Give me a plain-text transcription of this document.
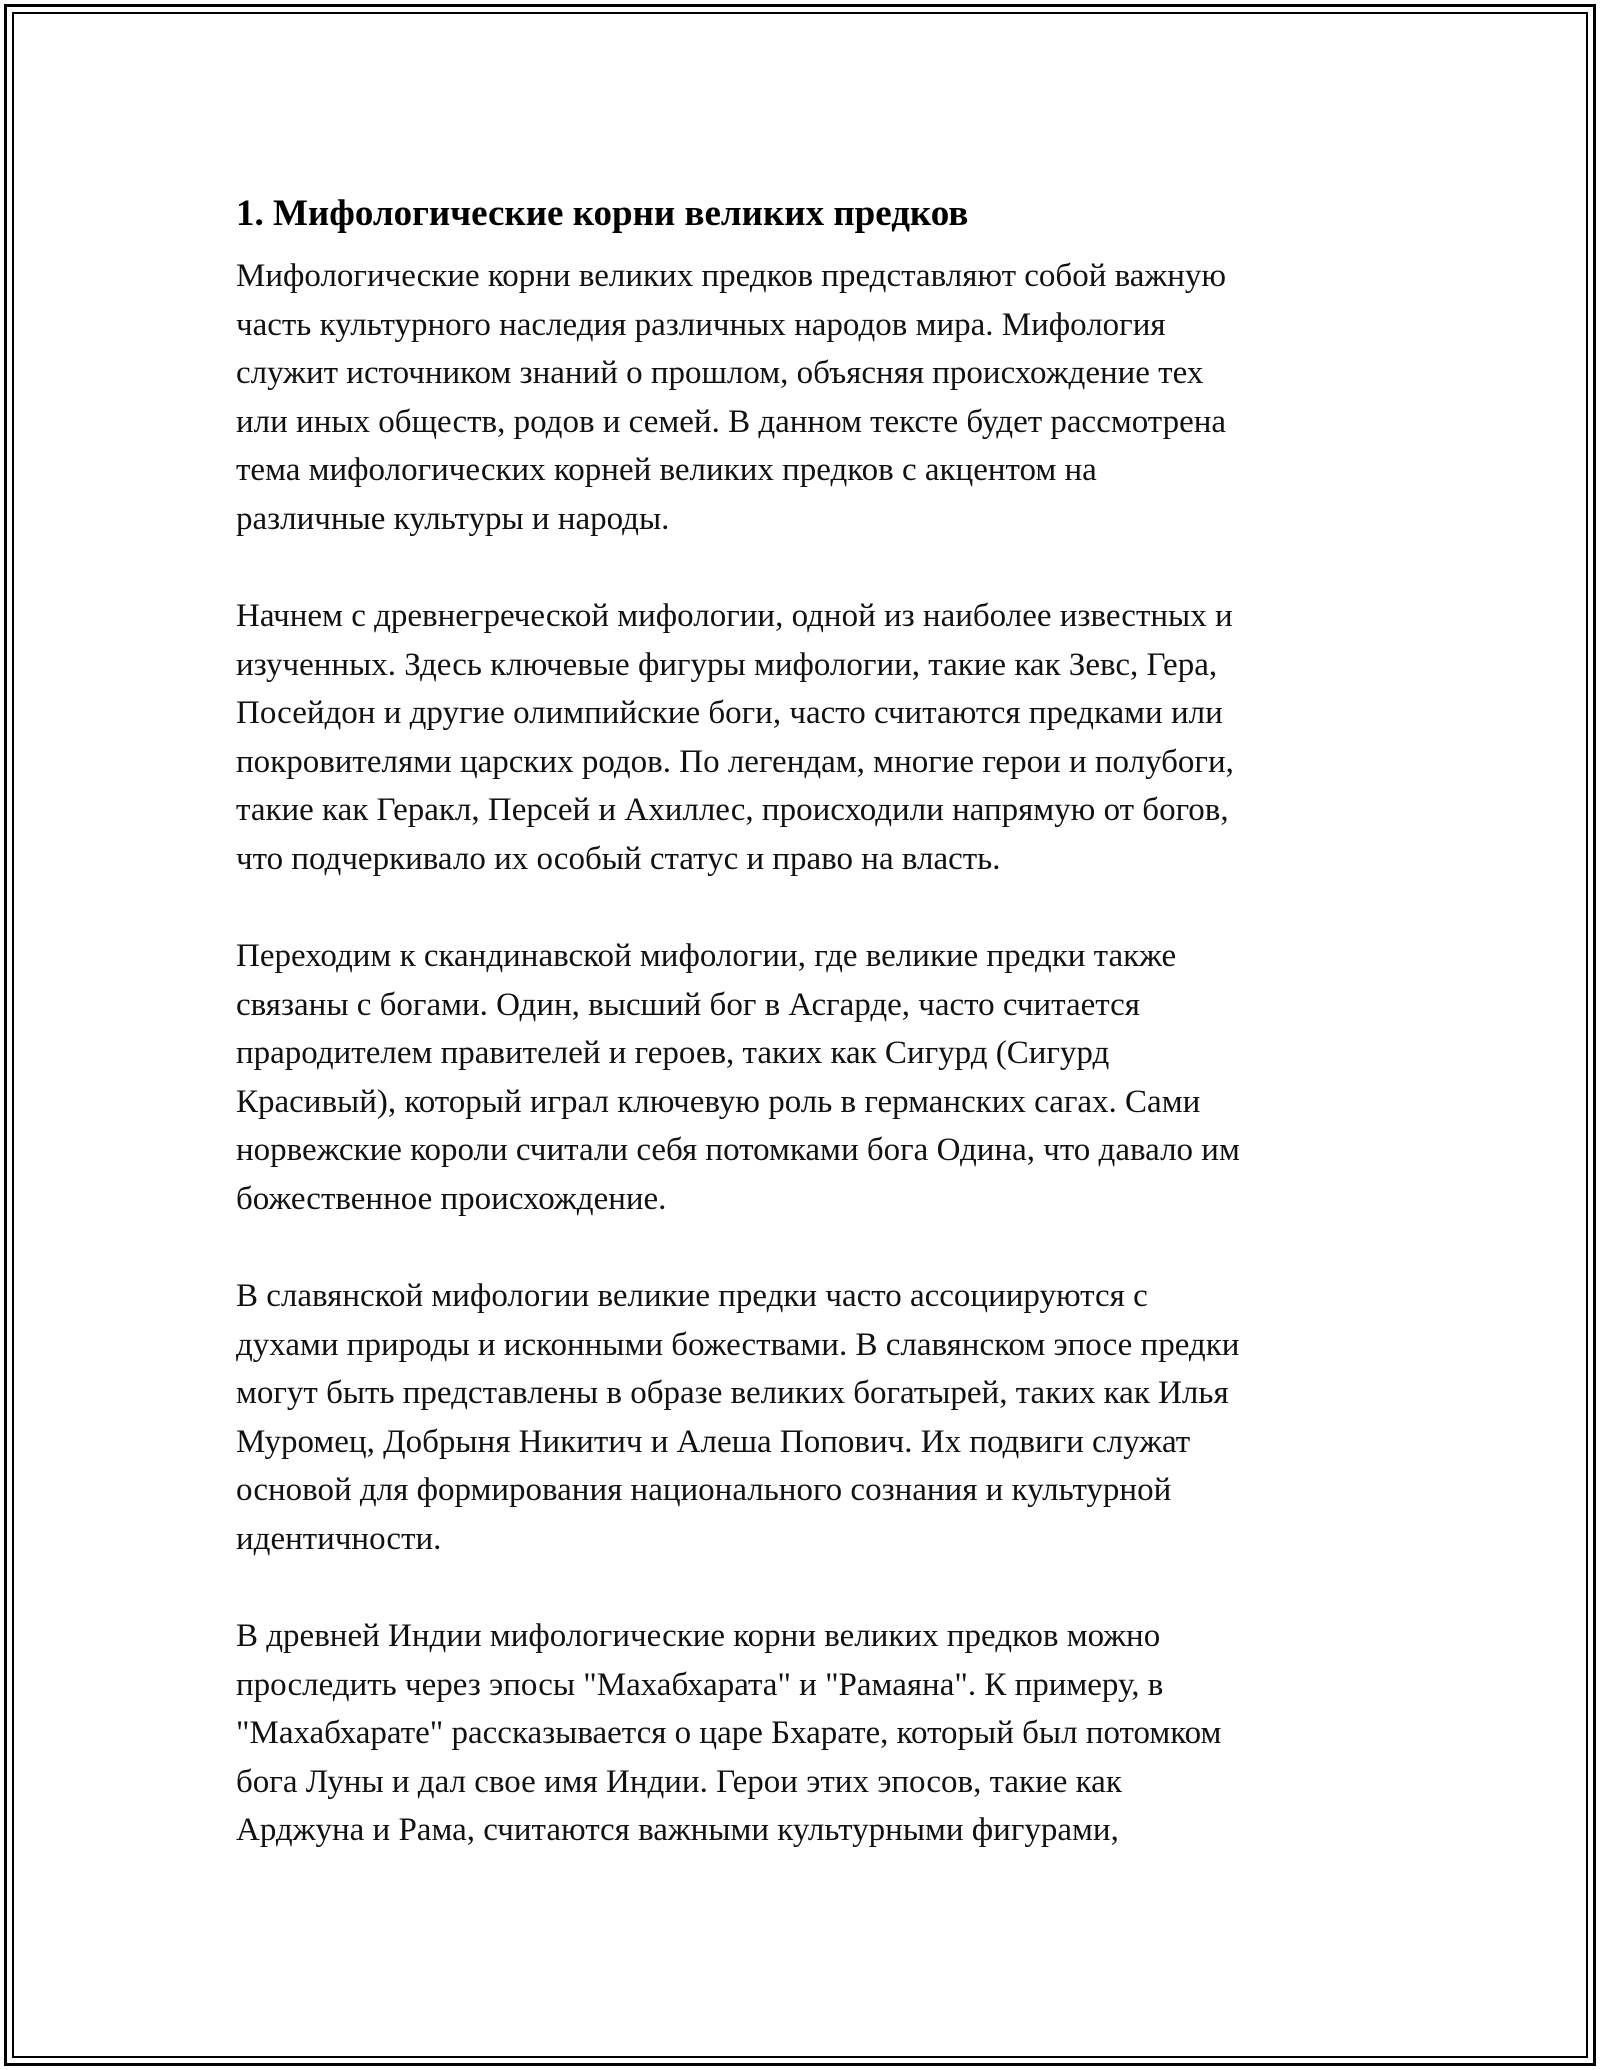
1. Мифологические корни великих предков

Мифологические корни великих предков представляют собой важную
часть культурного наследия различных народов мира. Мифология
служит источником знаний о прошлом, объясняя происхождение тех
или иных обществ, родов и семей. В данном тексте будет рассмотрена
тема мифологических корней великих предков с акцентом на
различные культуры и народы.

Начнем с древнегреческой мифологии, одной из наиболее известных и
изученных. Здесь ключевые фигуры мифологии, такие как Зевс, Гера,
Посейдон и другие олимпийские боги, часто считаются предками или
покровителями царских родов. По легендам, многие герои и полубоги,
такие как Геракл, Персей и Ахиллес, происходили напрямую от богов,
что подчеркивало их особый статус и право на власть.

Переходим к скандинавской мифологии, где великие предки также
связаны с богами. Один, высший бог в Асгарде, часто считается
прародителем правителей и героев, таких как Сигурд (Сигурд
Красивый), который играл ключевую роль в германских сагах. Сами
норвежские короли считали себя потомками бога Одина, что давало им
божественное происхождение.

В славянской мифологии великие предки часто ассоциируются с
духами природы и исконными божествами. В славянском эпосе предки
могут быть представлены в образе великих богатырей, таких как Илья
Муромец, Добрыня Никитич и Алеша Попович. Их подвиги служат
основой для формирования национального сознания и культурной
идентичности.

В древней Индии мифологические корни великих предков можно
проследить через эпосы "Махабхарата" и "Рамаяна". К примеру, в
"Махабхарате" рассказывается о царе Бхарате, который был потомком
бога Луны и дал свое имя Индии. Герои этих эпосов, такие как
Арджуна и Рама, считаются важными культурными фигурами,
